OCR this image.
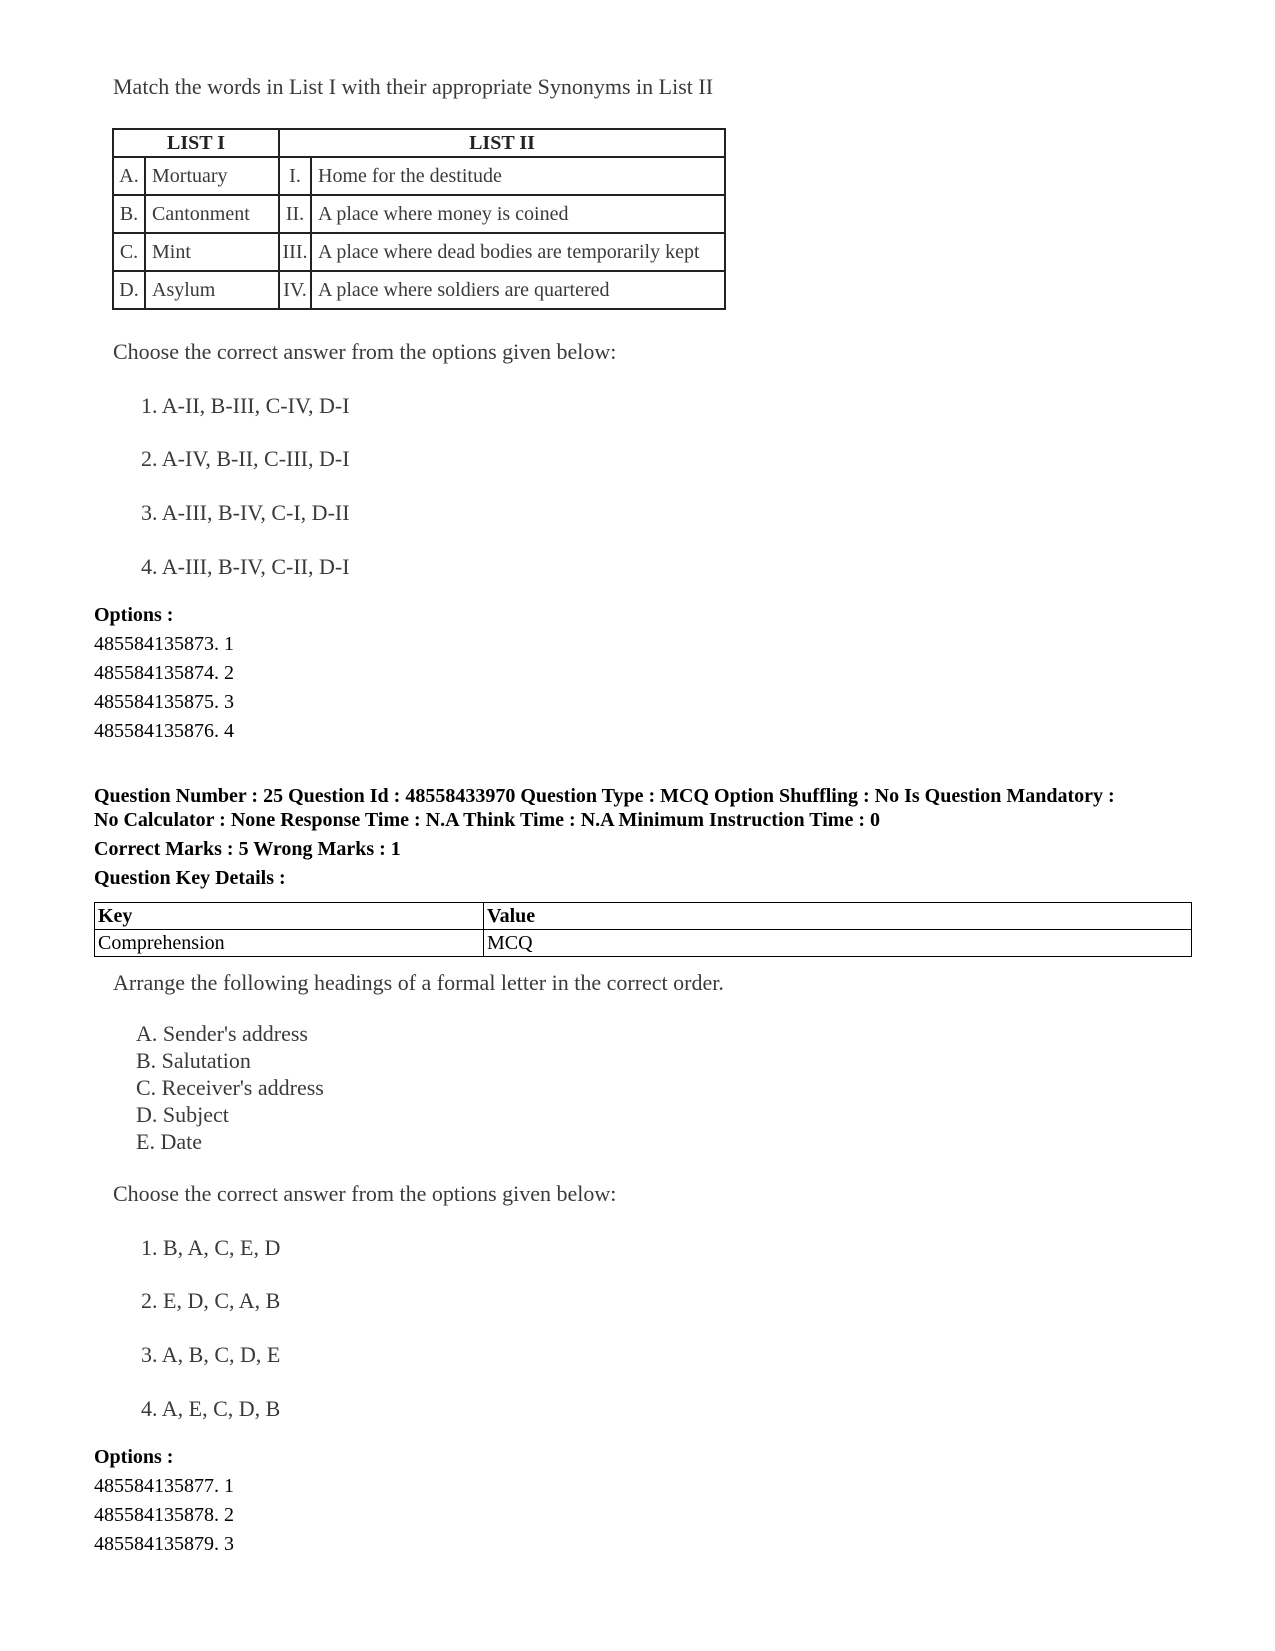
Match the words in List I with their appropriate Synonyms in List II
LIST I		LIST II	
A.	Mortuary	I.	Home for the destitude
B.	Cantonment	II.	A place where money is coined
C.	Mint	III.	A place where dead bodies are temporarily kept
D.	Asylum	IV.	A place where soldiers are quartered
Choose the correct answer from the options given below:
1. A-II, B-III, C-IV, D-I
2. A-IV, B-II, C-III, D-I
3. A-III, B-IV, C-I, D-II
4. A-III, B-IV, C-II, D-I
Options :
485584135873. 1
485584135874. 2
485584135875. 3
485584135876. 4
Question Number : 25 Question Id : 48558433970 Question Type : MCQ Option Shuffling : No Is Question Mandatory :
No Calculator : None Response Time : N.A Think Time : N.A Minimum Instruction Time : 0
Correct Marks : 5 Wrong Marks : 1
Question Key Details :
Key	Value
Comprehension	MCQ
Arrange the following headings of a formal letter in the correct order.
A. Sender's address
B. Salutation
C. Receiver's address
D. Subject
E. Date
Choose the correct answer from the options given below:
1. B, A, C, E, D
2. E, D, C, A, B
3. A, B, C, D, E
4. A, E, C, D, B
Options :
485584135877. 1
485584135878. 2
485584135879. 3
